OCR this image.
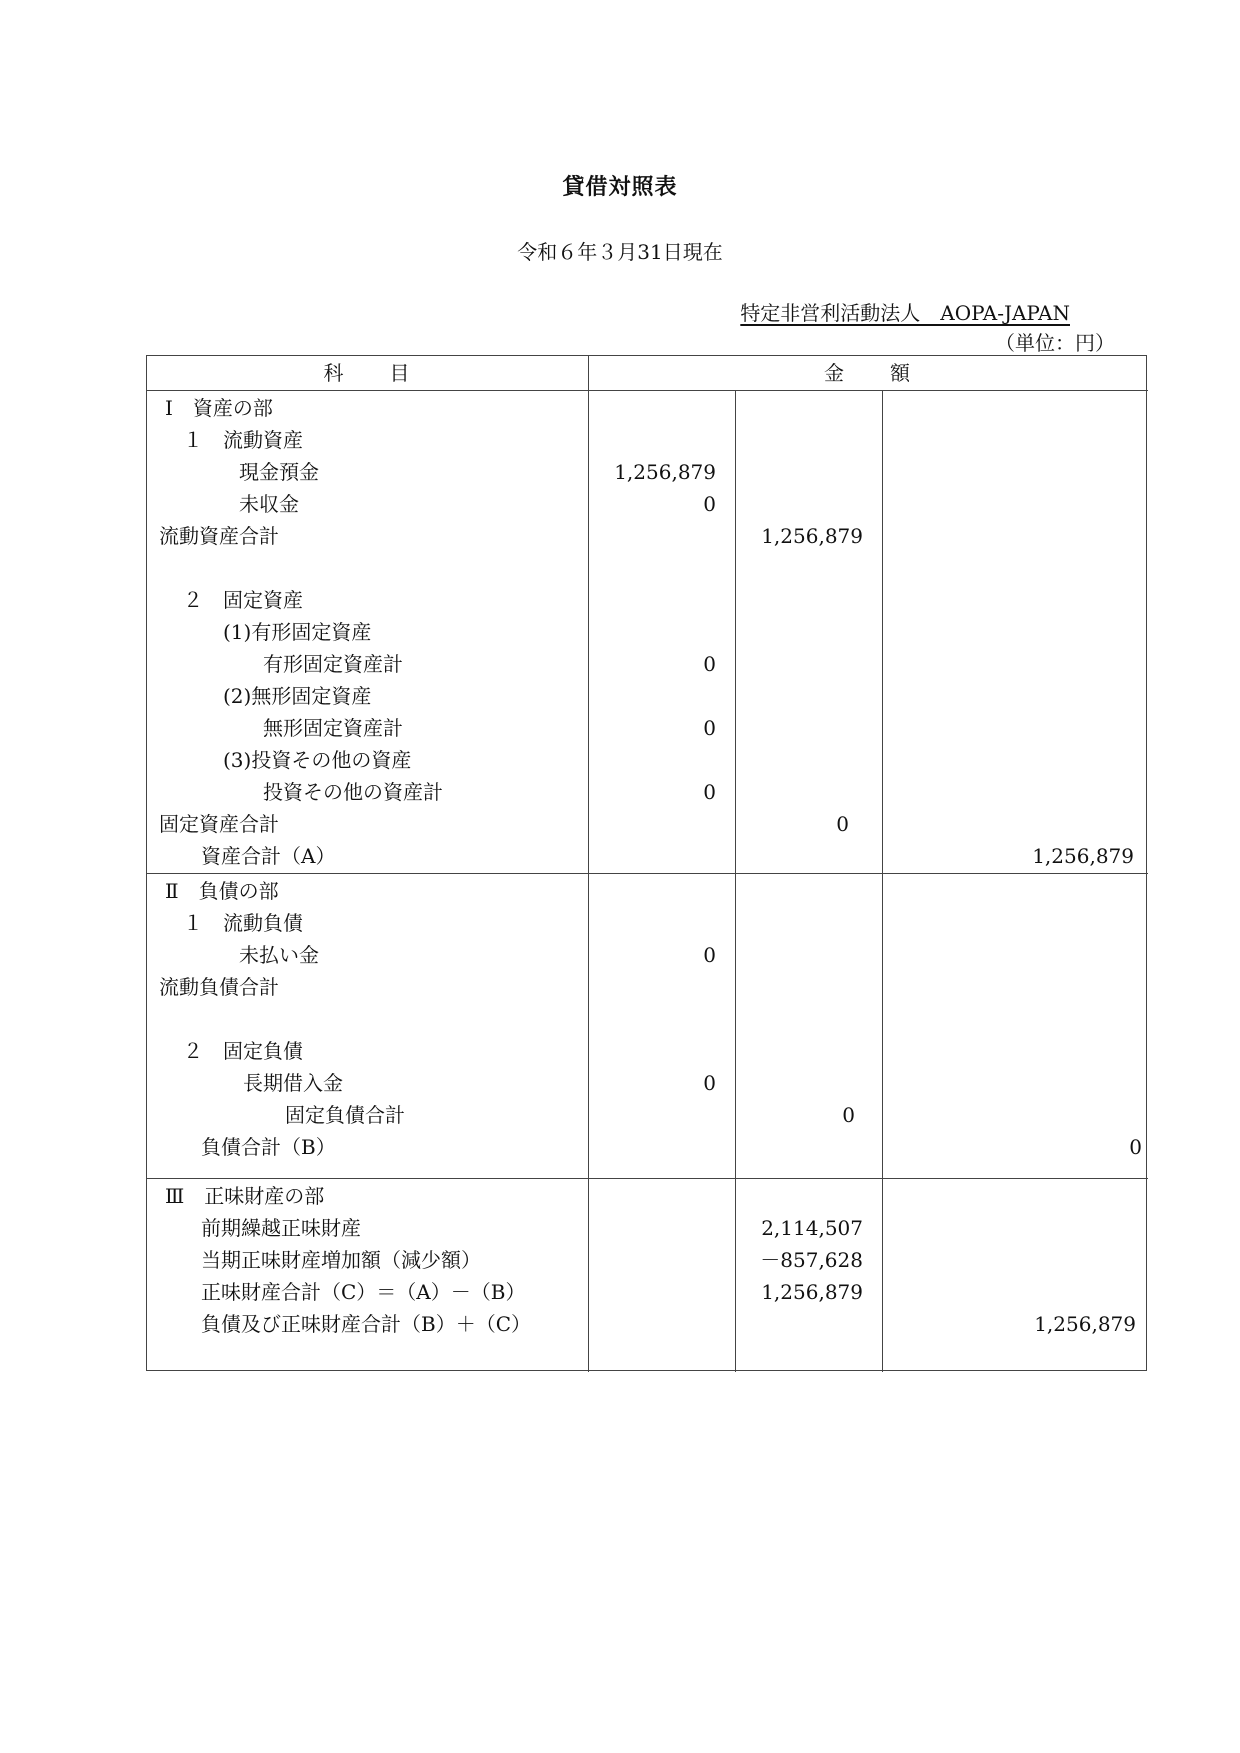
貸借対照表
令和６年３月31日現在
特定非営利活動法人　AOPA-JAPAN
（単位：円）
科　　目	金　　額
Ⅰ　資産の部
１　流動資産
現金預金	1,256,879
未収金	0
流動資産合計	1,256,879
２　固定資産
(1)有形固定資産
有形固定資産計	0
(2)無形固定資産
無形固定資産計	0
(3)投資その他の資産
投資その他の資産計	0
固定資産合計	0
資産合計（A）	1,256,879
Ⅱ　負債の部
１　流動負債
未払い金	0
流動負債合計
２　固定負債
長期借入金	0
固定負債合計	0
負債合計（B）	0
Ⅲ　正味財産の部
前期繰越正味財産	2,114,507
当期正味財産増加額（減少額）	－857,628
正味財産合計（C）＝（A）－（B）	1,256,879
負債及び正味財産合計（B）＋（C）	1,256,879
